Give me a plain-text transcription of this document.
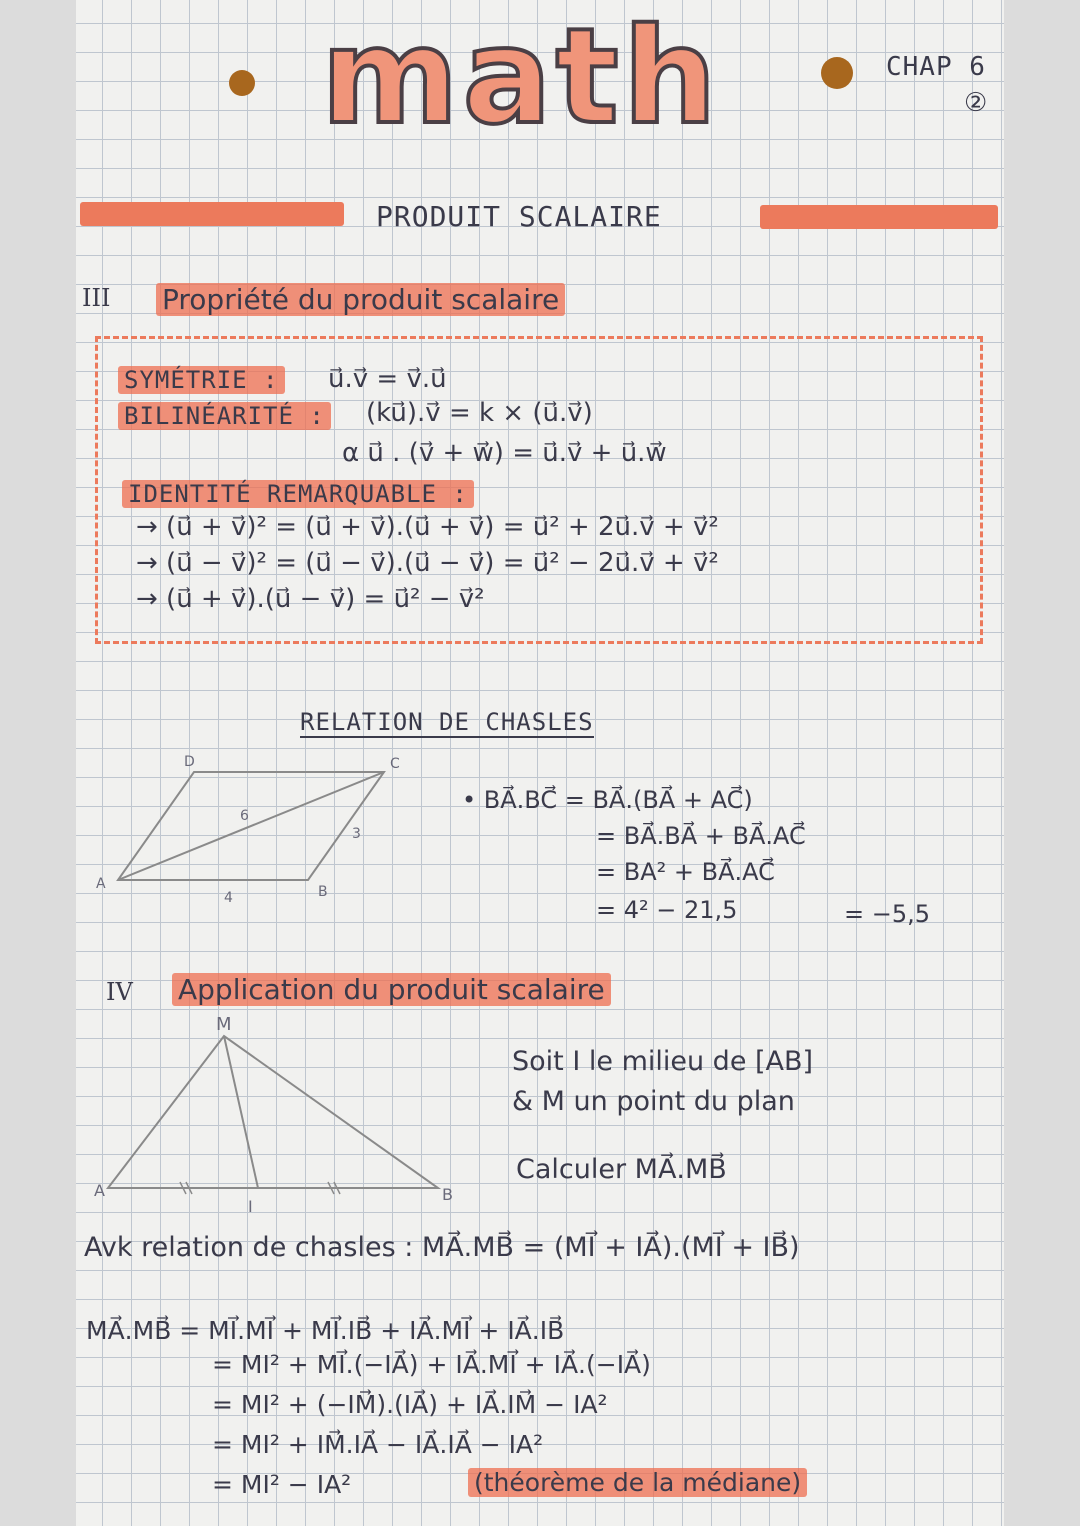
math	CHAP 6
②
PRODUIT SCALAIRE
III Propriété du produit scalaire
SYMÉTRIE : u⃗.v⃗ = v⃗.u⃗
BILINÉARITÉ : (ku⃗).v⃗ = k × (u⃗.v⃗)
α u⃗ . (v⃗ + w⃗) = u⃗.v⃗ + u⃗.w⃗
IDENTITÉ REMARQUABLE :
→ (u⃗ + v⃗)² = (u⃗ + v⃗).(u⃗ + v⃗) = u⃗² + 2u⃗.v⃗ + v⃗²
→ (u⃗ − v⃗)² = (u⃗ − v⃗).(u⃗ − v⃗) = u⃗² − 2u⃗.v⃗ + v⃗²
→ (u⃗ + v⃗).(u⃗ − v⃗) = u⃗² − v⃗²
RELATION DE CHASLES
D	C
A	B
4
3
6
• BA⃗.BC⃗ = BA⃗.(BA⃗ + AC⃗)
= BA⃗.BA⃗ + BA⃗.AC⃗
= BA² + BA⃗.AC⃗
= 4² − 21,5	= −5,5
IV Application du produit scalaire
M
A
I
B
Soit I le milieu de [AB]
& M un point du plan
Calculer MA⃗.MB⃗
Avk relation de chasles : MA⃗.MB⃗ = (MI⃗ + IA⃗).(MI⃗ + IB⃗)
MA⃗.MB⃗ = MI⃗.MI⃗ + MI⃗.IB⃗ + IA⃗.MI⃗ + IA⃗.IB⃗
= MI² + MI⃗.(−IA⃗) + IA⃗.MI⃗ + IA⃗.(−IA⃗)
= MI² + (−IM⃗).(IA⃗) + IA⃗.IM⃗ − IA²
= MI² + IM⃗.IA⃗ − IA⃗.IA⃗ − IA²
= MI² − IA²	(théorème de la médiane)
